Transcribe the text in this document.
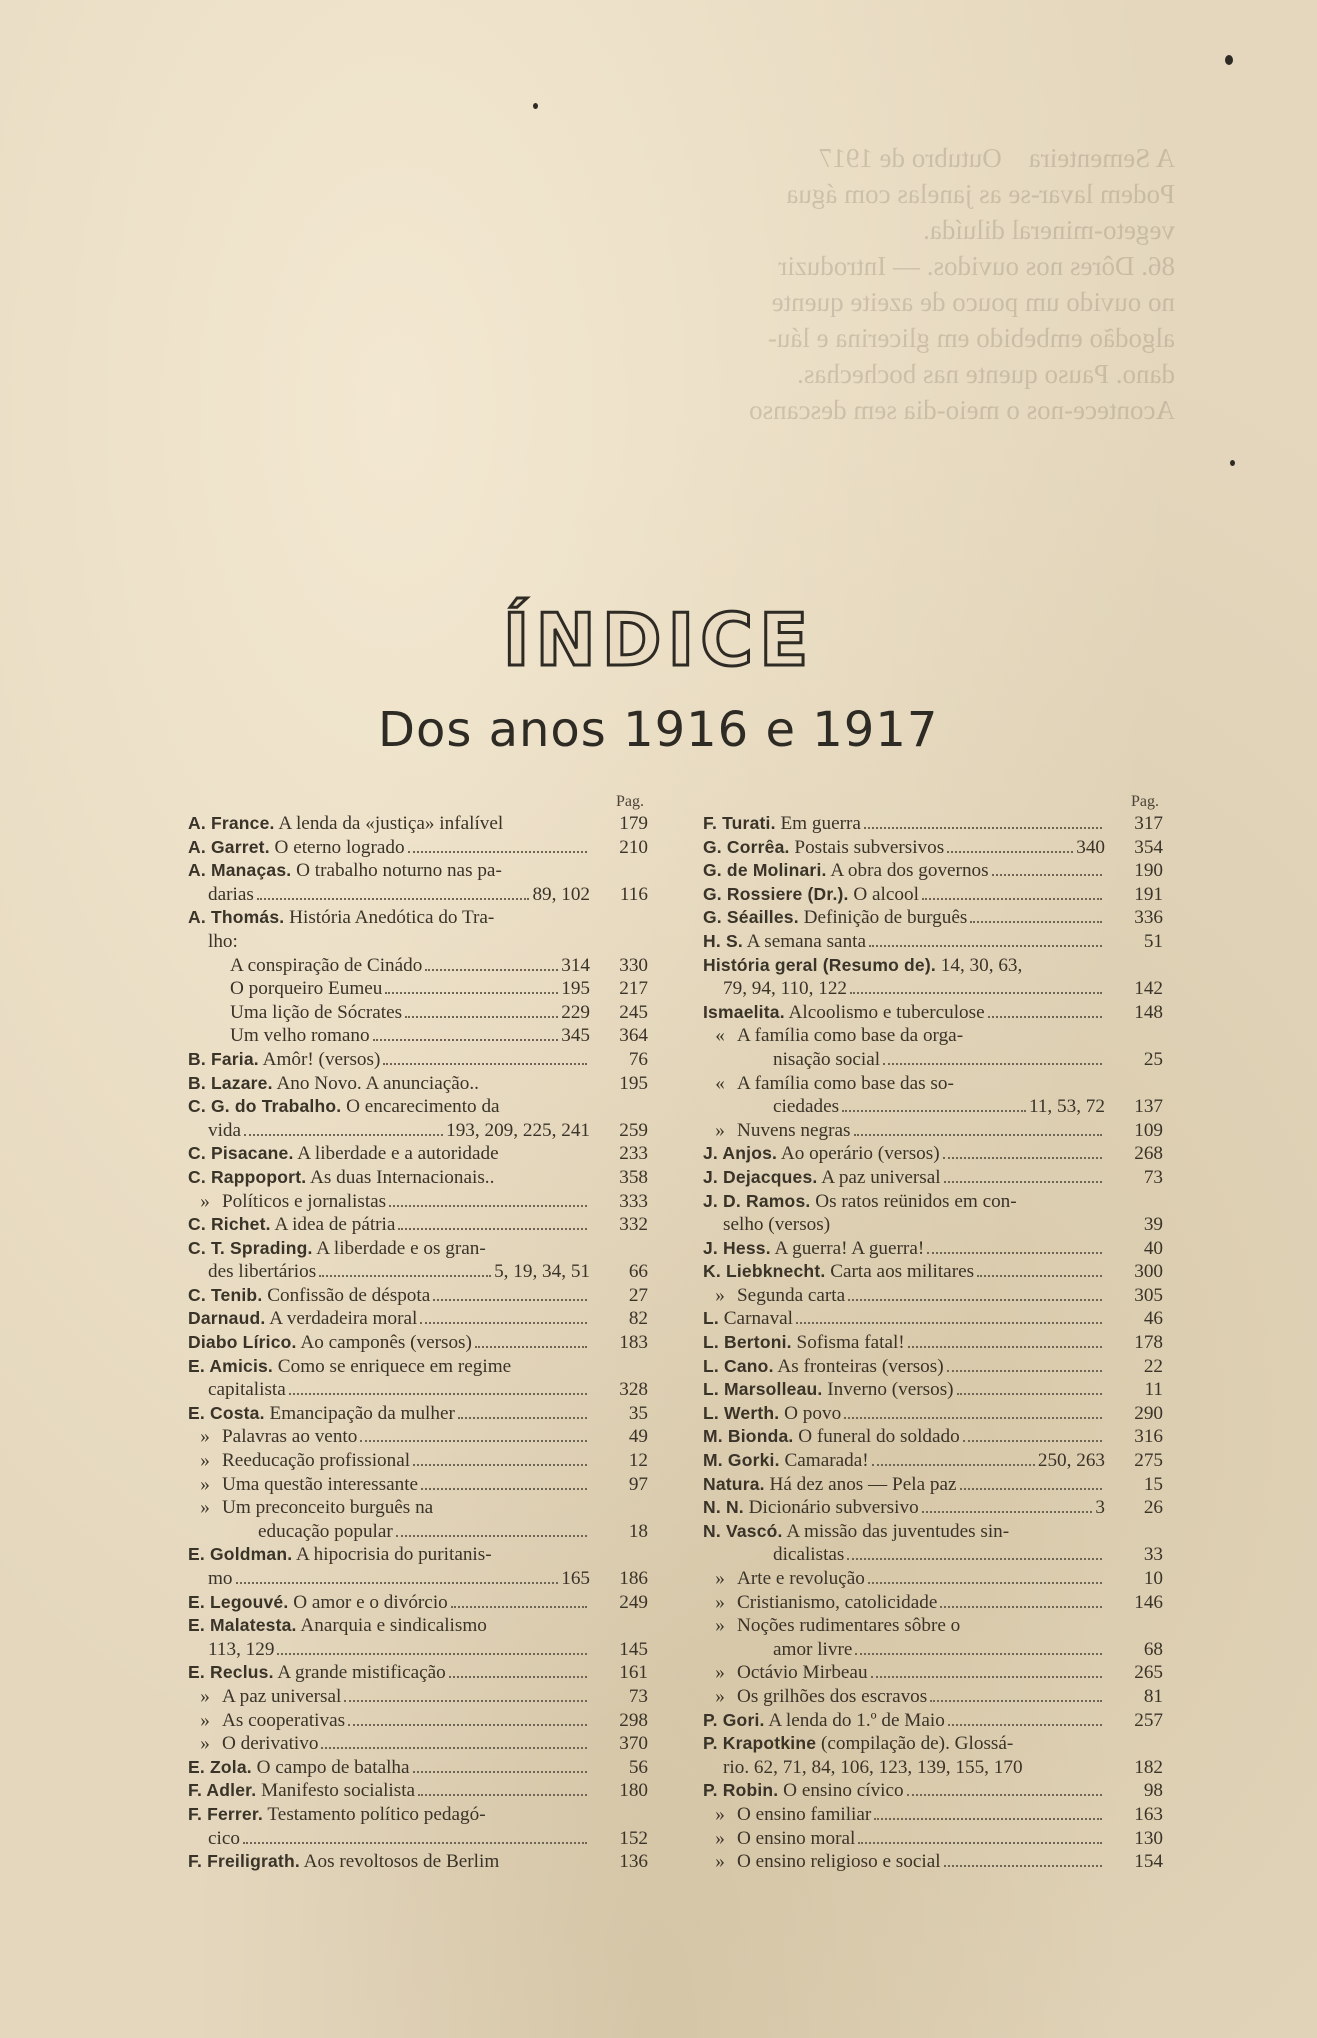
A Sementeira    Outubro de 1917
Podem lavar-se as janelas com água
vegeto-mineral diluída.
86. Dôres nos ouvidos. — Introduzir
no ouvido um pouco de azeite quente
algodão embebido em glicerina e láu-
dano. Pauso quente nas bochechas.
Acontece-nos o meio-dia sem descanso
ÍNDICE
Dos anos 1916 e 1917
Pag.
A. France. A lenda da «justiça» infalível	179
A. Garret. O eterno logrado	210
A. Manaças. O trabalho noturno nas pa-
darias	89, 102	116
A. Thomás. História Anedótica do Tra-
lho:
A conspiração de Cinádo	314	330
O porqueiro Eumeu	195	217
Uma lição de Sócrates	229	245
Um velho romano	345	364
B. Faria. Amôr! (versos)	76
B. Lazare. Ano Novo. A anunciação..	195
C. G. do Trabalho. O encarecimento da
vida	193, 209, 225, 241	259
C. Pisacane. A liberdade e a autoridade	233
C. Rappoport. As duas Internacionais..	358
» Políticos e jornalistas	333
C. Richet. A idea de pátria	332
C. T. Sprading. A liberdade e os gran-
des libertários	5, 19, 34, 51	66
C. Tenib. Confissão de déspota	27
Darnaud. A verdadeira moral	82
Diabo Lírico. Ao camponês (versos)	183
E. Amicis. Como se enriquece em regime
capitalista	328
E. Costa. Emancipação da mulher	35
» Palavras ao vento	49
» Reeducação profissional	12
» Uma questão interessante	97
» Um preconceito burguês na
educação popular	18
E. Goldman. A hipocrisia do puritanis-
mo	165	186
E. Legouvé. O amor e o divórcio	249
E. Malatesta. Anarquia e sindicalismo
113, 129	145
E. Reclus. A grande mistificação	161
» A paz universal	73
» As cooperativas	298
» O derivativo	370
E. Zola. O campo de batalha	56
F. Adler. Manifesto socialista	180
F. Ferrer. Testamento político pedagó-
cico	152
F. Freiligrath. Aos revoltosos de Berlim	136
Pag.
F. Turati. Em guerra	317
G. Corrêa. Postais subversivos	340	354
G. de Molinari. A obra dos governos	190
G. Rossiere (Dr.). O alcool	191
G. Séailles. Definição de burguês	336
H. S. A semana santa	51
História geral (Resumo de). 14, 30, 63,
79, 94, 110, 122	142
Ismaelita. Alcoolismo e tuberculose	148
« A família como base da orga-
nisação social	25
« A família como base das so-
ciedades	11, 53, 72	137
» Nuvens negras	109
J. Anjos. Ao operário (versos)	268
J. Dejacques. A paz universal	73
J. D. Ramos. Os ratos reünidos em con-
selho (versos)	39
J. Hess. A guerra! A guerra!	40
K. Liebknecht. Carta aos militares	300
» Segunda carta	305
L. Carnaval	46
L. Bertoni. Sofisma fatal!	178
L. Cano. As fronteiras (versos)	22
L. Marsolleau. Inverno (versos)	11
L. Werth. O povo	290
M. Bionda. O funeral do soldado	316
M. Gorki. Camarada!	250, 263	275
Natura. Há dez anos — Pela paz	15
N. N. Dicionário subversivo	3	26
N. Vascó. A missão das juventudes sin-
dicalistas	33
» Arte e revolução	10
» Cristianismo, catolicidade	146
» Noções rudimentares sôbre o
amor livre	68
» Octávio Mirbeau	265
» Os grilhões dos escravos	81
P. Gori. A lenda do 1.º de Maio	257
P. Krapotkine (compilação de). Glossá-
rio. 62, 71, 84, 106, 123, 139, 155, 170	182
P. Robin. O ensino cívico	98
» O ensino familiar	163
» O ensino moral	130
» O ensino religioso e social	154
